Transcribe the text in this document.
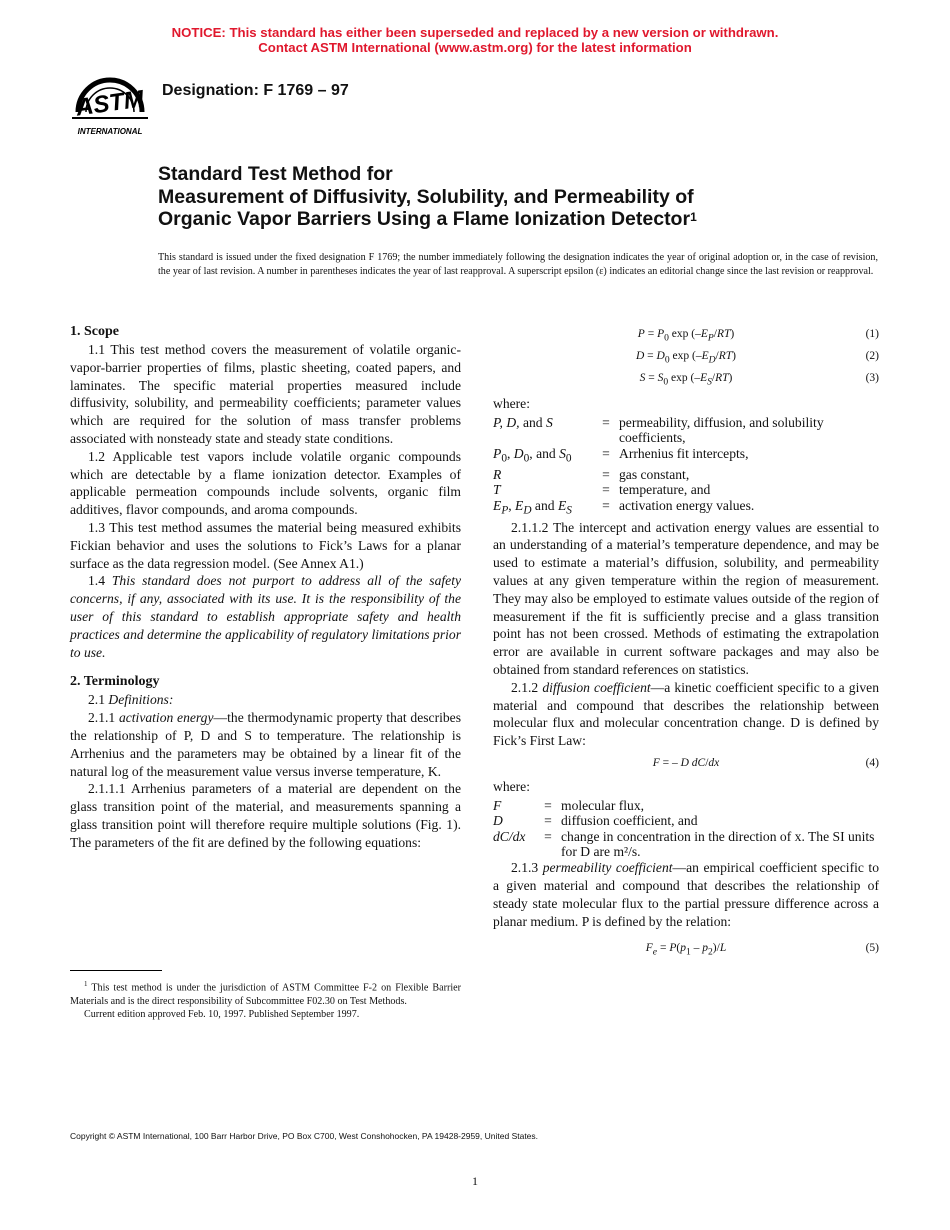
NOTICE: This standard has either been superseded and replaced by a new version or withdrawn.
Contact ASTM International (www.astm.org) for the latest information
ASTM
INTERNATIONAL
Designation: F 1769 – 97
Standard Test Method for
Measurement of Diffusivity, Solubility, and Permeability of
Organic Vapor Barriers Using a Flame Ionization Detector$^1$
This standard is issued under the fixed designation F 1769; the number immediately following the designation indicates the year of original adoption or, in the case of revision, the year of last revision. A number in parentheses indicates the year of last reapproval. A superscript epsilon (ε) indicates an editorial change since the last revision or reapproval.
1. Scope

1.1 This test method covers the measurement of volatile organic-vapor-barrier properties of films, plastic sheeting, coated papers, and laminates. The specific material properties measured include diffusivity, solubility, and permeability coefficients; parameter values which are required for the solution of mass transfer problems associated with nonsteady state and steady state conditions.

1.2 Applicable test vapors include volatile organic compounds which are detectable by a flame ionization detector. Examples of applicable permeation compounds include solvents, organic film additives, flavor compounds, and aroma compounds.

1.3 This test method assumes the material being measured exhibits Fickian behavior and uses the solutions to Fick’s Laws for a planar surface as the data regression model. (See Annex A1.)

1.4 This standard does not purport to address all of the safety concerns, if any, associated with its use. It is the responsibility of the user of this standard to establish appropriate safety and health practices and determine the applicability of regulatory limitations prior to use.

2. Terminology

2.1 Definitions:

2.1.1 activation energy—the thermodynamic property that describes the relationship of P, D and S to temperature. The relationship is Arrhenius and the parameters may be obtained by a linear fit of the natural log of the measurement value versus inverse temperature, K.

2.1.1.1 Arrhenius parameters of a material are dependent on the glass transition point of the material, and measurements spanning a glass transition point will therefore require multiple solutions (Fig. 1). The parameters of the fit are defined by the following equations:

$^1$ This test method is under the jurisdiction of ASTM Committee F-2 on Flexible Barrier Materials and is the direct responsibility of Subcommittee F02.30 on Test Methods.

Current edition approved Feb. 10, 1997. Published September 1997.

$P = P_0$ $\exp (-E_P/RT)$	(1)
$D = D_0$ $\exp (-E_D/RT)$	(2)
$S = S_0$ $\exp (-E_S/RT)$	(3)
where:
P, D, and S	=	permeability, diffusion, and solubility coefficients,
$P_0$, $D_0$, and $S_0$	=	Arrhenius fit intercepts,
R	=	gas constant,
T	=	temperature, and
$E_P$, $E_D$ and $E_S$	=	activation energy values.

2.1.1.2 The intercept and activation energy values are essential to an understanding of a material’s temperature dependence, and may be used to estimate a material’s diffusion, solubility, and permeability values at any given temperature within the region of measurement. They may also be employed to estimate values outside of the region of measurement if the fit is sufficiently precise and a glass transition point has not been crossed. Methods of estimating the extrapolation error are available in current software packages and may also be obtained from standard references on statistics.

2.1.2 diffusion coefficient—a kinetic coefficient specific to a given material and compound that describes the relationship between molecular flux and molecular concentration change. D is defined by Fick’s First Law:

F = – D dC/dx	(4)
where:
F	=	molecular flux,
D	=	diffusion coefficient, and
dC/dx	=	change in concentration in the direction of x. The SI units for D are m²/s.

2.1.3 permeability coefficient—an empirical coefficient specific to a given material and compound that describes the relationship of steady state molecular flux to the partial pressure difference across a planar medium. P is defined by the relation:

$F_e = P(p_1 - p_2)/L$	(5)
Copyright © ASTM International, 100 Barr Harbor Drive, PO Box C700, West Conshohocken, PA 19428-2959, United States.
1
